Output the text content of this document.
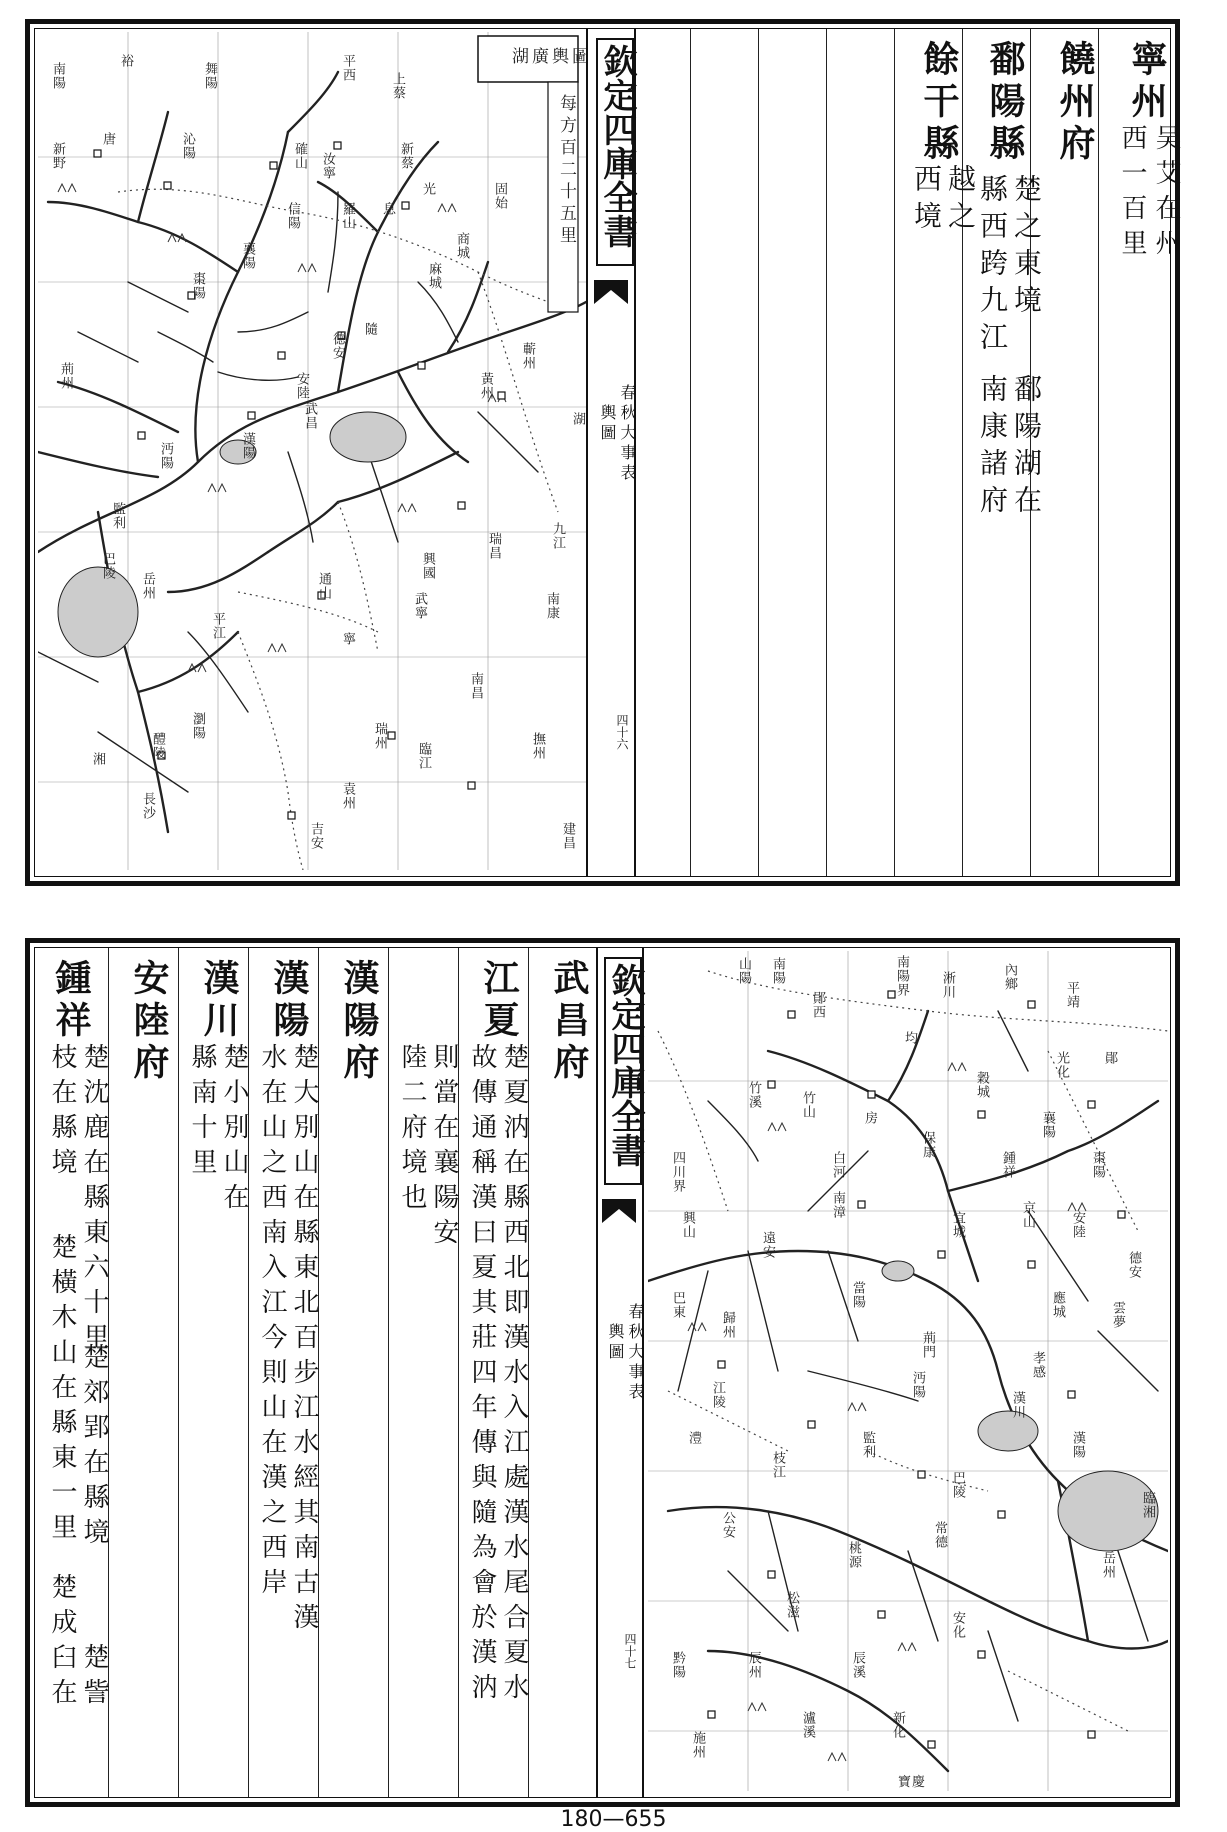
湖廣輿圖
每方百二十五里
南陽
新野
唐
裕
舞陽
沁陽
平西
上蔡
新蔡
汝寧
光
息	固始
商城
確山
信陽	羅山
棗陽
襄陽
隨
德安
安陸	黃州
麻城
蘄州
武昌
漢陽
沔陽
荊州
監利
岳州
巴陵
平江
瀏陽
長沙
醴陵
南昌
瑞州
臨江
袁州
吉安
撫州
建昌
南康
九江
瑞昌
興國
通山
寧
武寧
湘
湖
欽定四庫全書
春秋大事表
輿圖
四十六
寧州
吴艾在州
西一百里
饒州府
鄱陽縣
楚之東境
縣西跨九江
鄱陽湖在
南康諸府
餘干縣
越之
西境
武昌府
江夏
楚夏汭在縣西北即漢水入江處漢水尾合夏水
故傳通稱漢曰夏其莊四年傳與隨為會於漢汭
則當在襄陽安
陸二府境也
漢陽府
漢陽
楚大別山在縣東北百步江水經其南古漢
水在山之西南入江今則山在漢之西岸
漢川
楚小別山在
縣南十里
安陸府
鍾祥
楚沈鹿在縣東六十里
枝在縣境
楚郊郢在縣境
楚橫木山在縣東一里
楚成臼在 楚訾
欽定四庫全書
春秋大事表
輿圖
四十七
山陽 南陽	南陽界 淅川	內鄉
平靖
鄖
均
鄖西
竹山
竹溪
房
保康
穀城
光化
襄陽
宜城
棗陽
南漳
遠安
當陽
荊門
京山
鍾祥
安陸
德安
應城	雲夢
孝感
漢川
漢陽
江陵
監利
沔陽
枝江
公安
松滋
澧
巴陵
岳州
臨湘
常德
桃源
辰州
新化
安化
寶慶
黔陽	辰溪
瀘溪
四川界
施州
巴東
歸州
興山
白河
180—655
